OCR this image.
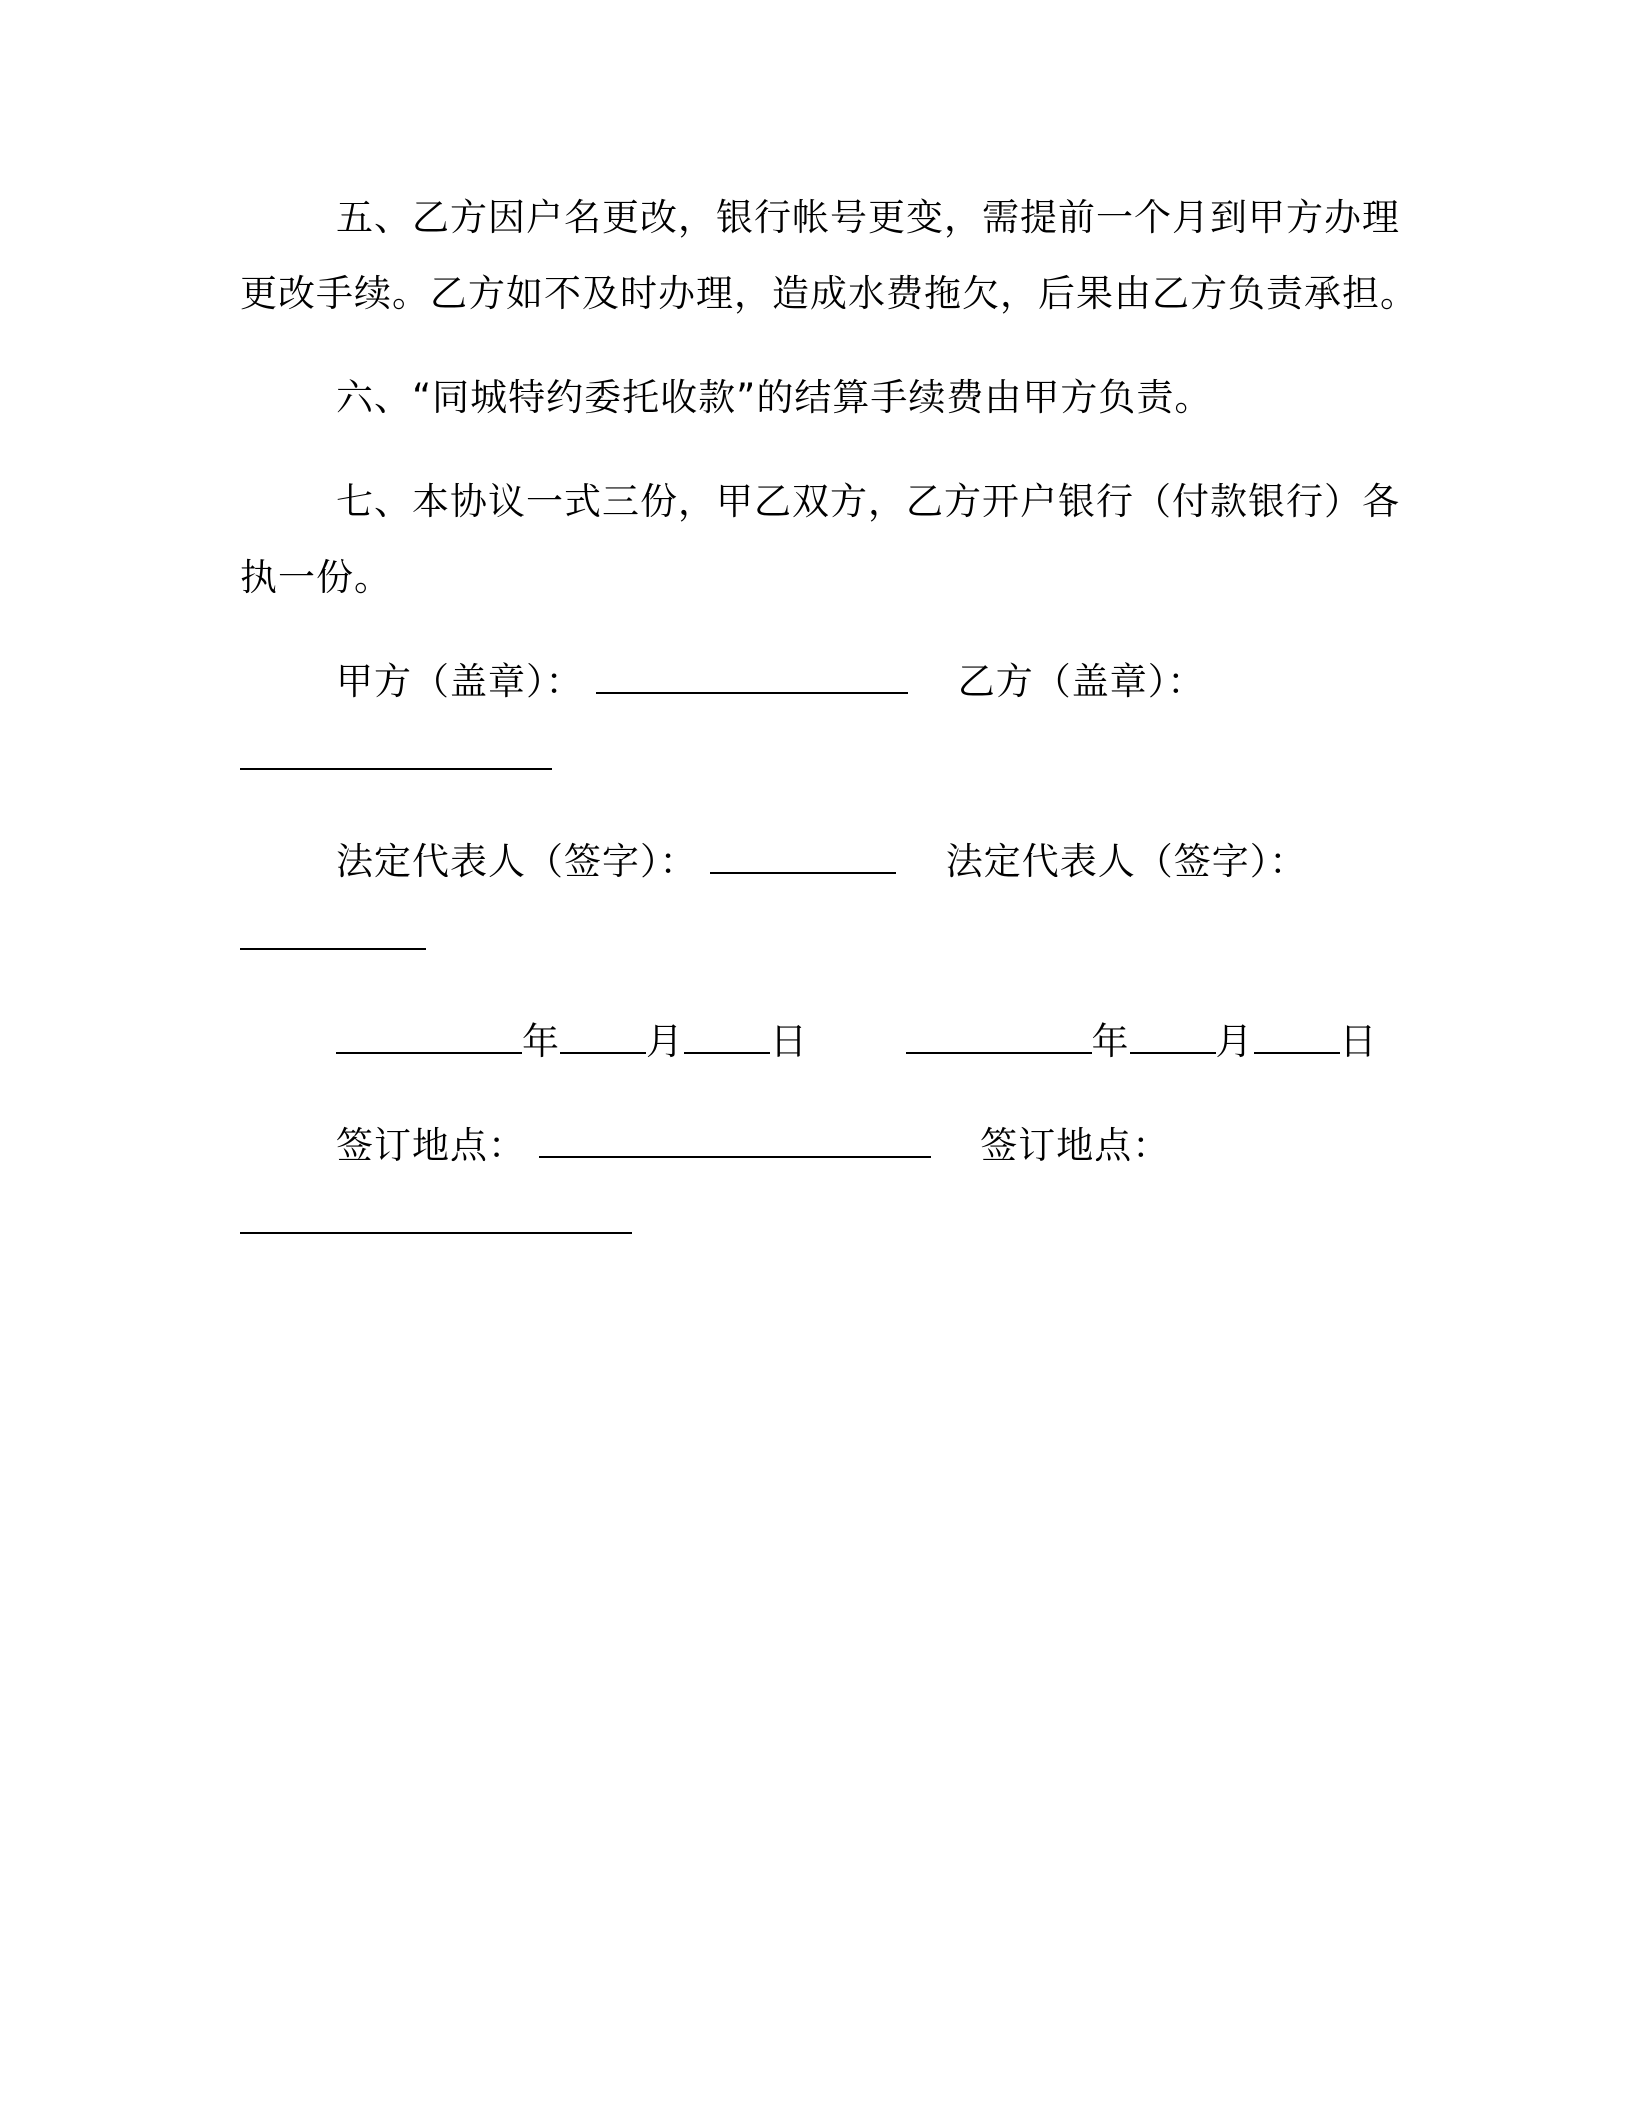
五、乙方因户名更改，银行帐号更变，需提前一个月到甲方办理
更改手续。乙方如不及时办理，造成水费拖欠，后果由乙方负责承担。
六、“同城特约委托收款”的结算手续费由甲方负责。
七、本协议一式三份，甲乙双方，乙方开户银行（付款银行）各
执一份。
甲方（盖章）：	乙方（盖章）：
法定代表人（签字）：	法定代表人（签字）：
年 月 日	年 月 日
签订地点：	签订地点：
